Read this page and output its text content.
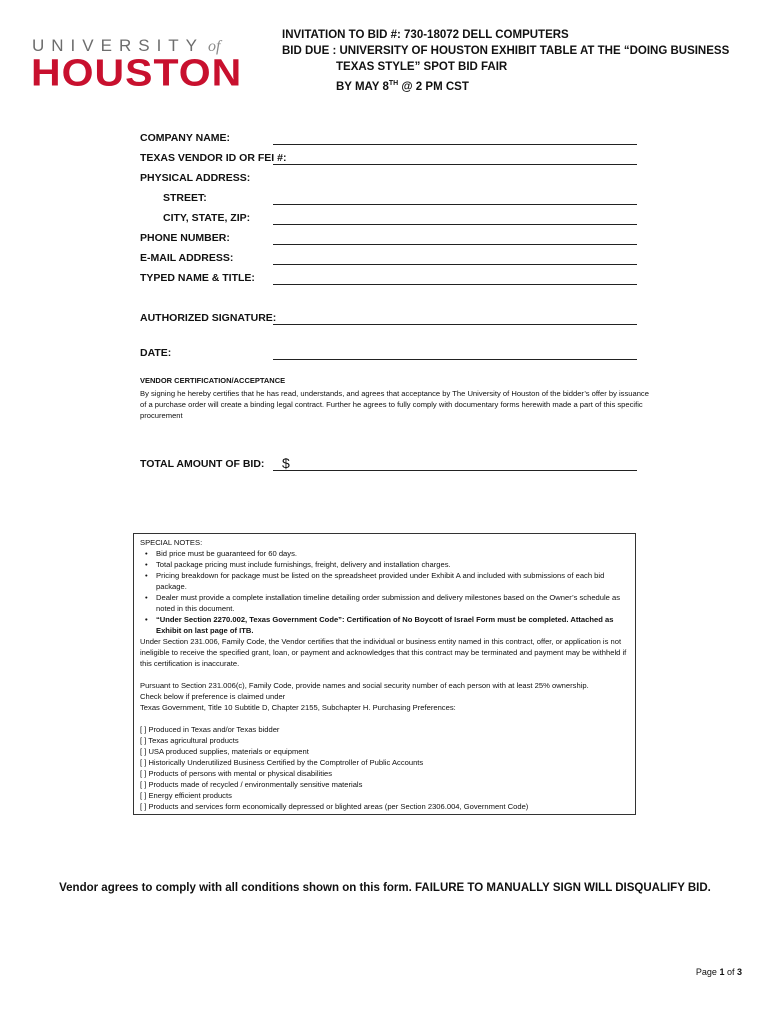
UNIVERSITY of
HOUSTON
INVITATION TO BID #: 730-18072 DELL COMPUTERS
BID DUE : UNIVERSITY OF HOUSTON EXHIBIT TABLE AT THE “DOING BUSINESS
TEXAS STYLE” SPOT BID FAIR
BY MAY 8TH @ 2 PM CST
COMPANY NAME:
TEXAS VENDOR ID OR FEI #:
PHYSICAL ADDRESS:
STREET:
CITY, STATE, ZIP:
PHONE NUMBER:
E-MAIL ADDRESS:
TYPED NAME & TITLE:
AUTHORIZED SIGNATURE:
DATE:
VENDOR CERTIFICATION/ACCEPTANCE
By signing he hereby certifies that he has read, understands, and agrees that acceptance by The University of Houston of the bidder’s offer by issuance of a purchase order will create a binding legal contract. Further he agrees to fully comply with documentary forms herewith made a part of this specific procurement
TOTAL AMOUNT OF BID: $
SPECIAL NOTES:
• Bid price must be guaranteed for 60 days.
• Total package pricing must include furnishings, freight, delivery and installation charges.
• Pricing breakdown for package must be listed on the spreadsheet provided under Exhibit A and included with submissions of each bid package.
• Dealer must provide a complete installation timeline detailing order submission and delivery milestones based on the Owner’s schedule as noted in this document.
• “Under Section 2270.002, Texas Government Code”: Certification of No Boycott of Israel Form must be completed. Attached as Exhibit on last page of ITB.
Under Section 231.006, Family Code, the Vendor certifies that the individual or business entity named in this contract, offer, or application is not ineligible to receive the specified grant, loan, or payment and acknowledges that this contract may be terminated and payment may be withheld if this certification is inaccurate.
Pursuant to Section 231.006(c), Family Code, provide names and social security number of each person with at least 25% ownership.
Check below if preference is claimed under
Texas Government, Title 10 Subtitle D, Chapter 2155, Subchapter H. Purchasing Preferences:
[ ] Produced in Texas and/or Texas bidder
[ ] Texas agricultural products
[ ] USA produced supplies, materials or equipment
[ ] Historically Underutilized Business Certified by the Comptroller of Public Accounts
[ ] Products of persons with mental or physical disabilities
[ ] Products made of recycled / environmentally sensitive materials
[ ] Energy efficient products
[ ] Products and services form economically depressed or blighted areas (per Section 2306.004, Government Code)
Vendor agrees to comply with all conditions shown on this form. FAILURE TO MANUALLY SIGN WILL DISQUALIFY BID.
Page 1 of 3
